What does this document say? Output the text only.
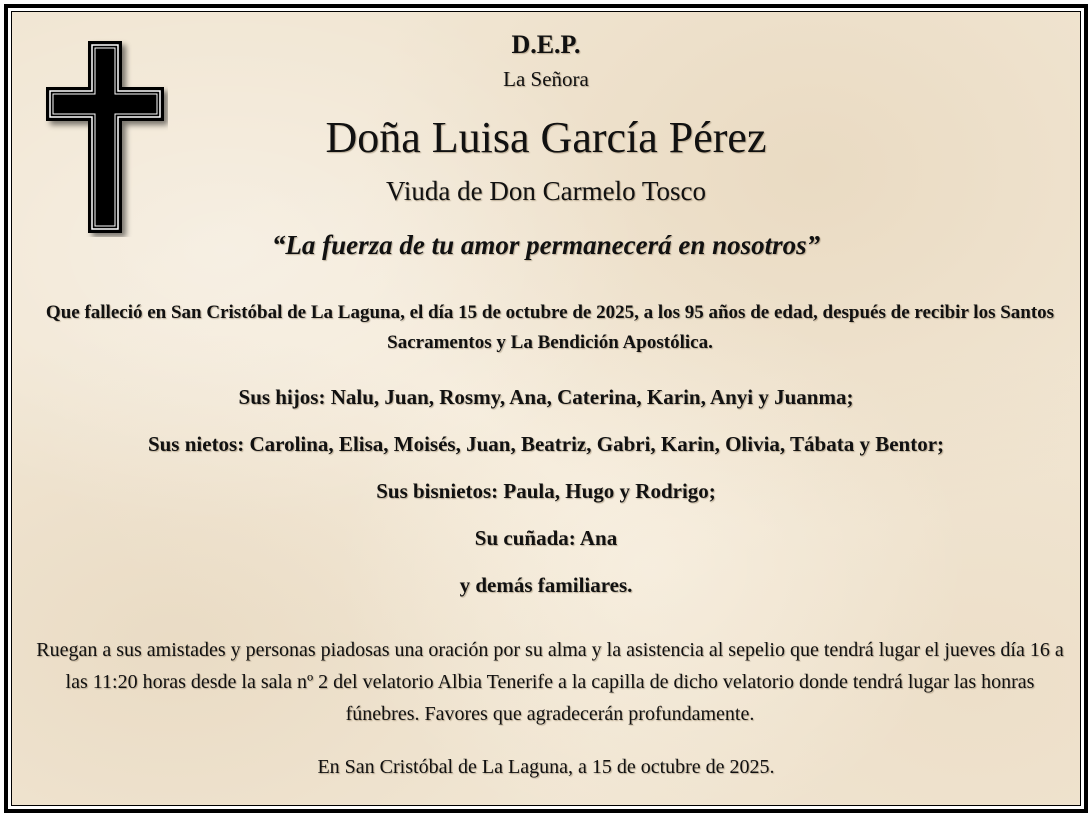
D.E.P.
La Señora
Doña Luisa García Pérez
Viuda de Don Carmelo Tosco
“La fuerza de tu amor permanecerá en nosotros”
Que falleció en San Cristóbal de La Laguna, el día 15 de octubre de 2025, a los 95 años de edad, después de recibir los Santos Sacramentos y La Bendición Apostólica.
Sus hijos: Nalu, Juan, Rosmy, Ana, Caterina, Karin, Anyi y Juanma;
Sus nietos: Carolina, Elisa, Moisés, Juan, Beatriz, Gabri, Karin, Olivia, Tábata y Bentor;
Sus bisnietos: Paula, Hugo y Rodrigo;
Su cuñada: Ana
y demás familiares.
Ruegan a sus amistades y personas piadosas una oración por su alma y la asistencia al sepelio que tendrá lugar el jueves día 16 a las 11:20 horas desde la sala nº 2 del velatorio Albia Tenerife a la capilla de dicho velatorio donde tendrá lugar las honras fúnebres. Favores que agradecerán profundamente.
En San Cristóbal de La Laguna, a 15 de octubre de 2025.
